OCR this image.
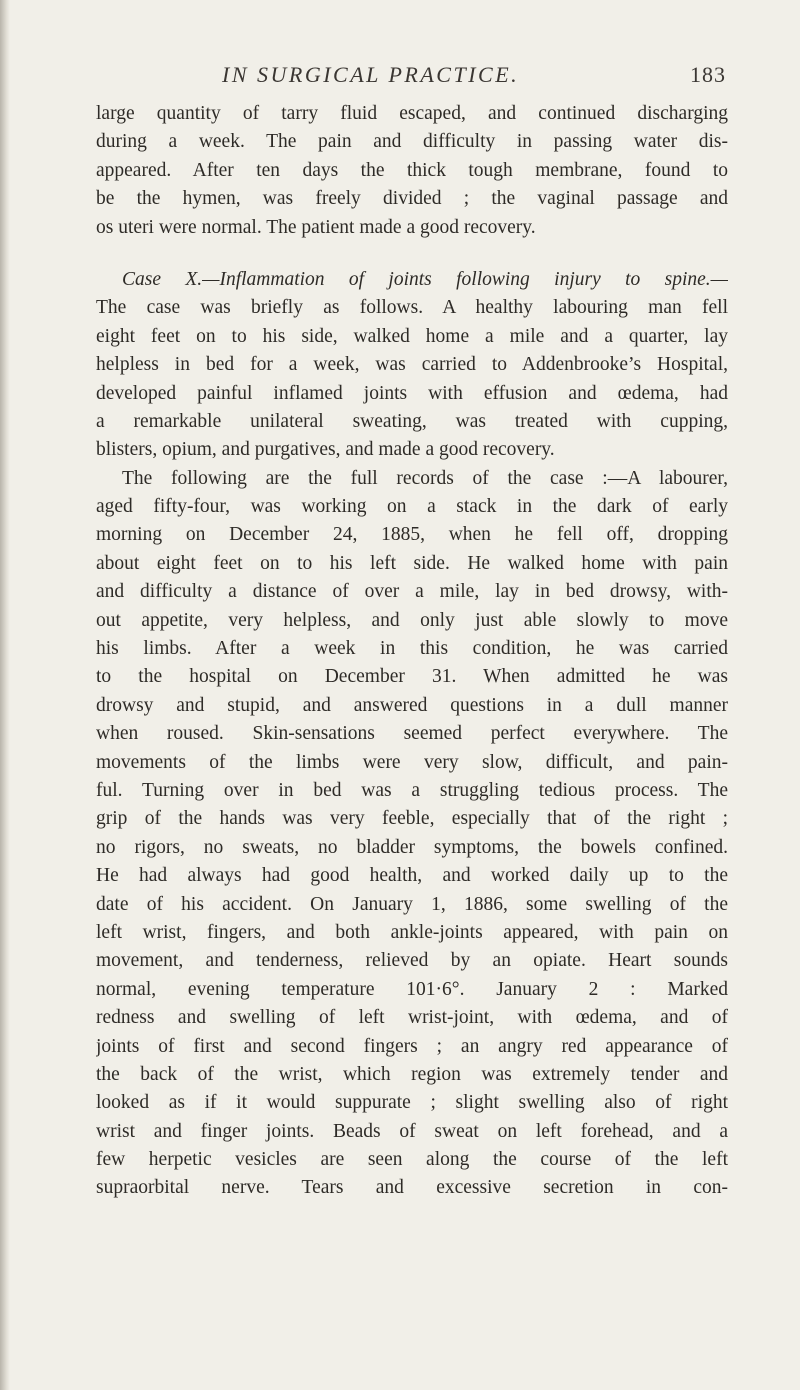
IN SURGICAL PRACTICE.	183
large quantity of tarry fluid escaped, and continued discharging
during a week. The pain and difficulty in passing water dis-
appeared. After ten days the thick tough membrane, found to
be the hymen, was freely divided ; the vaginal passage and
os uteri were normal. The patient made a good recovery.
Case X.—Inflammation of joints following injury to spine.—
The case was briefly as follows. A healthy labouring man fell
eight feet on to his side, walked home a mile and a quarter, lay
helpless in bed for a week, was carried to Addenbrooke’s Hospital,
developed painful inflamed joints with effusion and œdema, had
a remarkable unilateral sweating, was treated with cupping,
blisters, opium, and purgatives, and made a good recovery.
The following are the full records of the case :—A labourer,
aged fifty-four, was working on a stack in the dark of early
morning on December 24, 1885, when he fell off, dropping
about eight feet on to his left side. He walked home with pain
and difficulty a distance of over a mile, lay in bed drowsy, with-
out appetite, very helpless, and only just able slowly to move
his limbs. After a week in this condition, he was carried
to the hospital on December 31. When admitted he was
drowsy and stupid, and answered questions in a dull manner
when roused. Skin-sensations seemed perfect everywhere. The
movements of the limbs were very slow, difficult, and pain-
ful. Turning over in bed was a struggling tedious process. The
grip of the hands was very feeble, especially that of the right ;
no rigors, no sweats, no bladder symptoms, the bowels confined.
He had always had good health, and worked daily up to the
date of his accident. On January 1, 1886, some swelling of the
left wrist, fingers, and both ankle-joints appeared, with pain on
movement, and tenderness, relieved by an opiate. Heart sounds
normal, evening temperature 101·6°. January 2 : Marked
redness and swelling of left wrist-joint, with œdema, and of
joints of first and second fingers ; an angry red appearance of
the back of the wrist, which region was extremely tender and
looked as if it would suppurate ; slight swelling also of right
wrist and finger joints. Beads of sweat on left forehead, and a
few herpetic vesicles are seen along the course of the left
supraorbital nerve. Tears and excessive secretion in con-
